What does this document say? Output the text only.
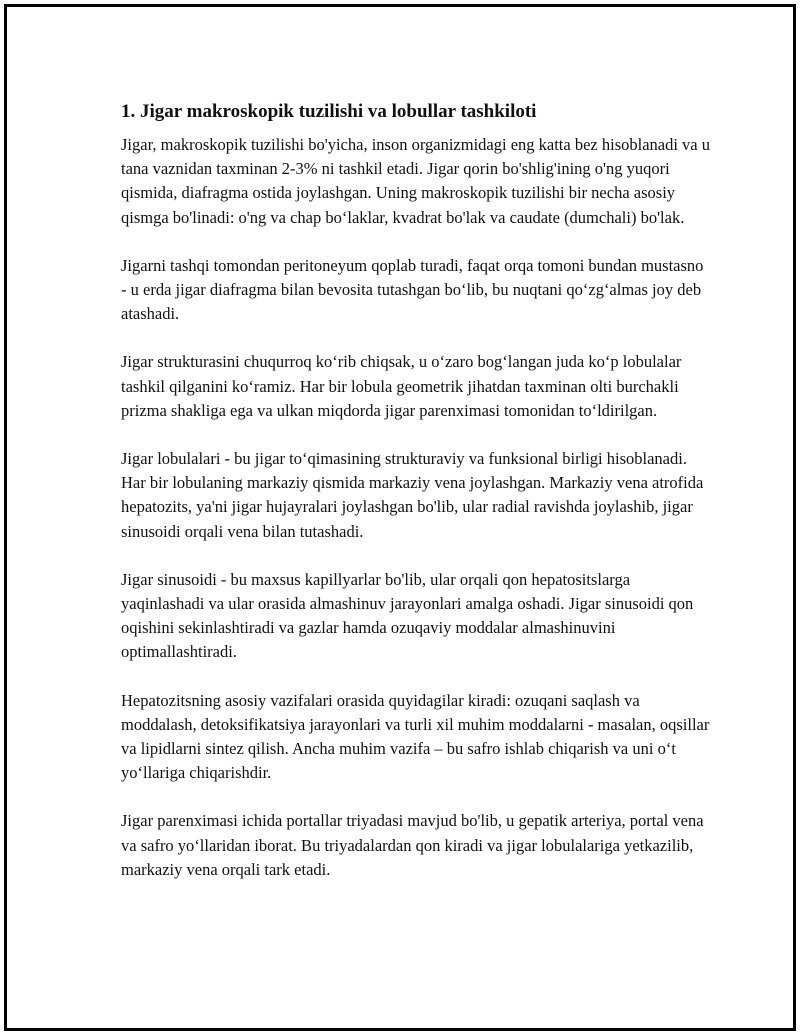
1. Jigar makroskopik tuzilishi va lobullar tashkiloti

Jigar, makroskopik tuzilishi bo'yicha, inson organizmidagi eng katta bez hisoblanadi va u tana vaznidan taxminan 2-3% ni tashkil etadi. Jigar qorin bo'shlig'ining o'ng yuqori qismida, diafragma ostida joylashgan. Uning makroskopik tuzilishi bir necha asosiy qismga bo'linadi: o'ng va chap bo‘laklar, kvadrat bo'lak va caudate (dumchali) bo'lak.

Jigarni tashqi tomondan peritoneyum qoplab turadi, faqat orqa tomoni bundan mustasno - u erda jigar diafragma bilan bevosita tutashgan bo‘lib, bu nuqtani qo‘zg‘almas joy deb atashadi.

Jigar strukturasini chuqurroq ko‘rib chiqsak, u o‘zaro bog‘langan juda ko‘p lobulalar tashkil qilganini ko‘ramiz. Har bir lobula geometrik jihatdan taxminan olti burchakli prizma shakliga ega va ulkan miqdorda jigar parenximasi tomonidan to‘ldirilgan.

Jigar lobulalari - bu jigar to‘qimasining strukturaviy va funksional birligi hisoblanadi. Har bir lobulaning markaziy qismida markaziy vena joylashgan. Markaziy vena atrofida hepatozits, ya'ni jigar hujayralari joylashgan bo'lib, ular radial ravishda joylashib, jigar sinusoidi orqali vena bilan tutashadi.

Jigar sinusoidi - bu maxsus kapillyarlar bo'lib, ular orqali qon hepatositslarga yaqinlashadi va ular orasida almashinuv jarayonlari amalga oshadi. Jigar sinusoidi qon oqishini sekinlashtiradi va gazlar hamda ozuqaviy moddalar almashinuvini optimallashtiradi.

Hepatozitsning asosiy vazifalari orasida quyidagilar kiradi: ozuqani saqlash va moddalash, detoksifikatsiya jarayonlari va turli xil muhim moddalarni - masalan, oqsillar va lipidlarni sintez qilish. Ancha muhim vazifa – bu safro ishlab chiqarish va uni o‘t yo‘llariga chiqarishdir.

Jigar parenximasi ichida portallar triyadasi mavjud bo'lib, u gepatik arteriya, portal vena va safro yo‘llaridan iborat. Bu triyadalardan qon kiradi va jigar lobulalariga yetkazilib, markaziy vena orqali tark etadi.
